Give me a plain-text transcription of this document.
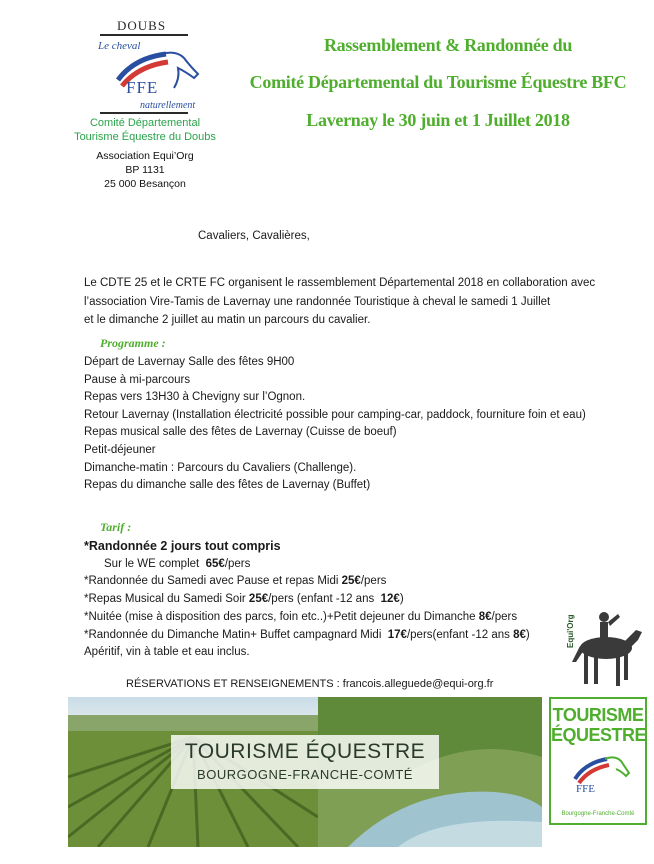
DOUBS
Le cheval
FFE
naturellement
Comité Départemental
Tourisme Équestre du Doubs
Association Equi’Org
BP 1131
25 000 Besançon
Rassemblement & Randonnée du
Comité Départemental du Tourisme Équestre BFC
Lavernay le 30 juin et 1 Juillet 2018
Cavaliers, Cavalières,
Le CDTE 25 et le CRTE FC organisent le rassemblement Départemental 2018 en collaboration avec
l’association Vire-Tamis de Lavernay une randonnée Touristique à cheval le samedi 1 Juillet
et le dimanche 2 juillet au matin un parcours du cavalier.
Programme :
Départ de Lavernay Salle des fêtes 9H00
Pause à mi-parcours
Repas vers 13H30 à Chevigny sur l’Ognon.
Retour Lavernay (Installation électricité possible pour camping-car, paddock, fourniture foin et eau)
Repas musical salle des fêtes de Lavernay (Cuisse de boeuf)
Petit-déjeuner
Dimanche-matin : Parcours du Cavaliers (Challenge).
Repas du dimanche salle des fêtes de Lavernay (Buffet)
Tarif :
*Randonnée 2 jours tout compris
Sur le WE complet 65€/pers
*Randonnée du Samedi avec Pause et repas Midi 25€/pers
*Repas Musical du Samedi Soir 25€/pers (enfant -12 ans 12€)
*Nuitée (mise à disposition des parcs, foin etc..)+Petit dejeuner du Dimanche 8€/pers
*Randonnée du Dimanche Matin+ Buffet campagnard Midi 17€/pers(enfant -12 ans 8€)
Apéritif, vin à table et eau inclus.
RÉSERVATIONS ET RENSEIGNEMENTS : francois.alleguede@equi-org.fr
Equi'Org
TOURISME ÉQUESTRE
BOURGOGNE-FRANCHE-COMTÉ
TOURISME
ÉQUESTRE
FFE
Bourgogne-Franche-Comté
